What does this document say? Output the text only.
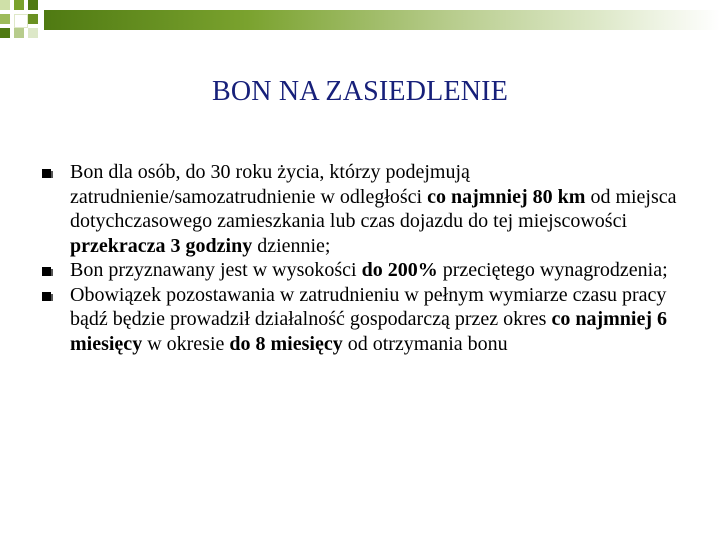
BON NA ZASIEDLENIE
Bon dla osób, do 30 roku życia, którzy podejmują zatrudnienie/samozatrudnienie w odległości co najmniej 80 km od miejsca dotychczasowego zamieszkania lub czas dojazdu do tej miejscowości przekracza 3 godziny dziennie;
Bon przyznawany jest w wysokości do 200% przeciętego wynagrodzenia;
Obowiązek pozostawania w zatrudnieniu w pełnym wymiarze czasu pracy bądź będzie prowadził działalność gospodarczą przez okres co najmniej 6 miesięcy w okresie do 8 miesięcy od otrzymania bonu
